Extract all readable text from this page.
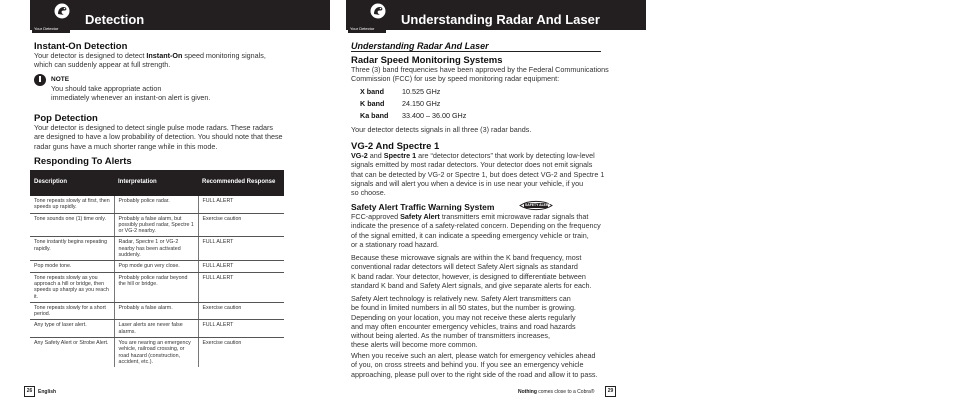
Your Detector
Detection
Instant-On Detection
Your detector is designed to detect Instant-On speed monitoring signals,
which can suddenly appear at full strength.
NOTE
You should take appropriate action
immediately whenever an instant-on alert is given.
Pop Detection
Your detector is designed to detect single pulse mode radars. These radars
are designed to have a low probability of detection. You should note that these
radar guns have a much shorter range while in this mode.
Responding To Alerts
Description	Interpretation	Recommended Response
Tone repeats slowly at first, then speeds up rapidly.	Probably police radar.	FULL ALERT
Tone sounds one (1) time only.	Probably a false alarm, but possibly pulsed radar, Spectre 1 or VG-2 nearby.	Exercise caution
Tone instantly begins repeating rapidly.	Radar, Spectre 1 or VG-2 nearby has been activated suddenly.	FULL ALERT
Pop mode tone.	Pop mode gun very close.	FULL ALERT
Tone repeats slowly as you approach a hill or bridge, then speeds up sharply as you reach it.	Probably police radar beyond the hill or bridge.	FULL ALERT
Tone repeats slowly for a short period.	Probably a false alarm.	Exercise caution
Any type of laser alert.	Laser alerts are never false alarms.	FULL ALERT
Any Safety Alert or Strobe Alert.	You are nearing an emergency vehicle, railroad crossing, or road hazard (construction, accident, etc.).	Exercise caution
26	English
Your Detector
Understanding Radar And Laser
Understanding Radar And Laser
Radar Speed Monitoring Systems
Three (3) band frequencies have been approved by the Federal Communications
Commission (FCC) for use by speed monitoring radar equipment:
X band	10.525 GHz
K band 24.150 GHz
Ka band 33.400 – 36.00 GHz
Your detector detects signals in all three (3) radar bands.
VG-2 And Spectre 1
VG-2 and Spectre 1 are “detector detectors” that work by detecting low-level
signals emitted by most radar detectors. Your detector does not emit signals
that can be detected by VG-2 or Spectre 1, but does detect VG-2 and Spectre 1
signals and will alert you when a device is in use near your vehicle, if you
so choose.
Safety Alert Traffic Warning System	SAFETY ALERT
FCC-approved Safety Alert transmitters emit microwave radar signals that
indicate the presence of a safety-related concern. Depending on the frequency
of the signal emitted, it can indicate a speeding emergency vehicle or train,
or a stationary road hazard.
Because these microwave signals are within the K band frequency, most
conventional radar detectors will detect Safety Alert signals as standard
K band radar. Your detector, however, is designed to differentiate between
standard K band and Safety Alert signals, and give separate alerts for each.
Safety Alert technology is relatively new. Safety Alert transmitters can
be found in limited numbers in all 50 states, but the number is growing.
Depending on your location, you may not receive these alerts regularly
and may often encounter emergency vehicles, trains and road hazards
without being alerted. As the number of transmitters increases,
these alerts will become more common.
When you receive such an alert, please watch for emergency vehicles ahead
of you, on cross streets and behind you. If you see an emergency vehicle
approaching, please pull over to the right side of the road and allow it to pass.
Nothing comes close to a Cobra®	29
